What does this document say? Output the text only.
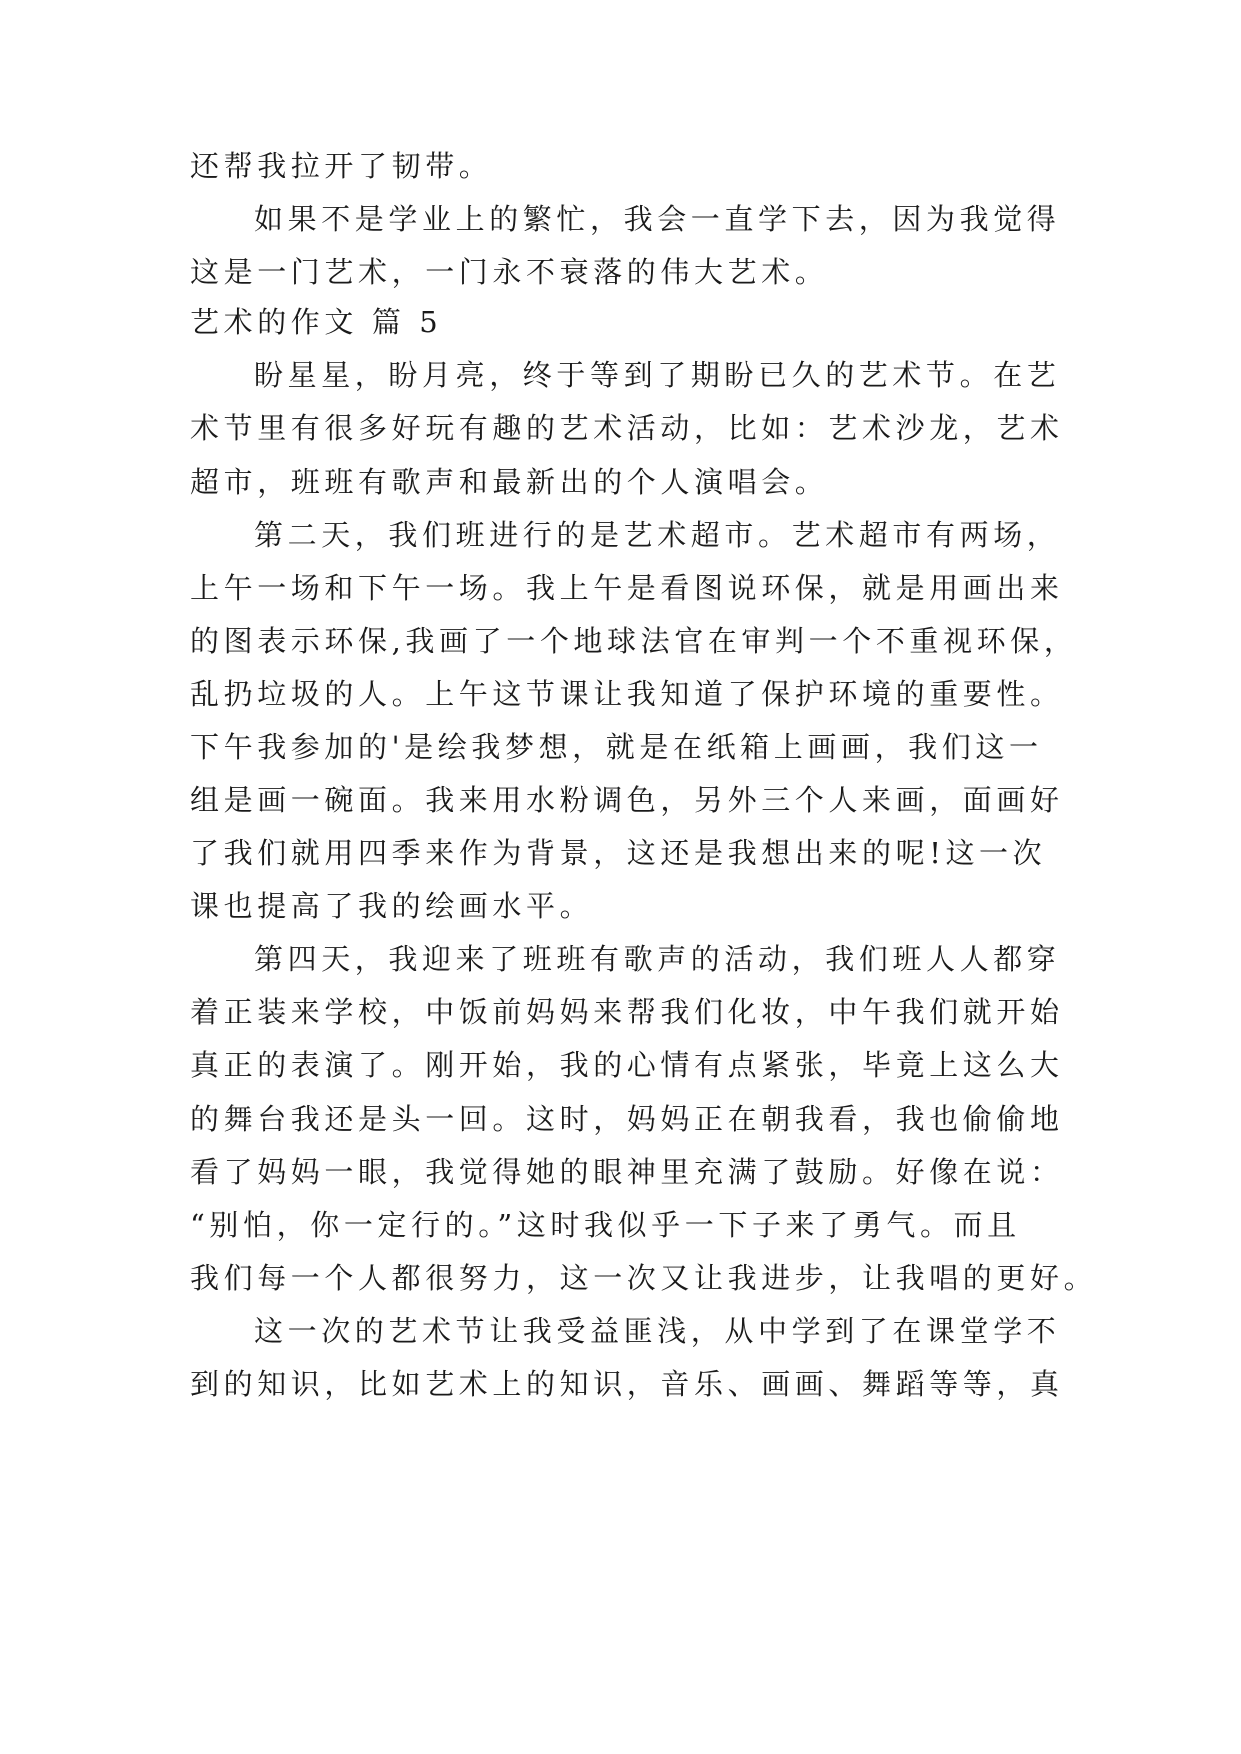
还帮我拉开了韧带。
如果不是学业上的繁忙，我会一直学下去，因为我觉得
这是一门艺术，一门永不衰落的伟大艺术。
艺术的作文 篇 5
盼星星，盼月亮，终于等到了期盼已久的艺术节。在艺
术节里有很多好玩有趣的艺术活动，比如：艺术沙龙，艺术
超市，班班有歌声和最新出的个人演唱会。
第二天，我们班进行的是艺术超市。艺术超市有两场，
上午一场和下午一场。我上午是看图说环保，就是用画出来
的图表示环保,我画了一个地球法官在审判一个不重视环保，
乱扔垃圾的人。上午这节课让我知道了保护环境的重要性。
下午我参加的'是绘我梦想，就是在纸箱上画画，我们这一
组是画一碗面。我来用水粉调色，另外三个人来画，面画好
了我们就用四季来作为背景，这还是我想出来的呢!这一次
课也提高了我的绘画水平。
第四天，我迎来了班班有歌声的活动，我们班人人都穿
着正装来学校，中饭前妈妈来帮我们化妆，中午我们就开始
真正的表演了。刚开始，我的心情有点紧张，毕竟上这么大
的舞台我还是头一回。这时，妈妈正在朝我看，我也偷偷地
看了妈妈一眼，我觉得她的眼神里充满了鼓励。好像在说：
“别怕，你一定行的。”这时我似乎一下子来了勇气。而且
我们每一个人都很努力，这一次又让我进步，让我唱的更好。
这一次的艺术节让我受益匪浅，从中学到了在课堂学不
到的知识，比如艺术上的知识，音乐、画画、舞蹈等等，真
